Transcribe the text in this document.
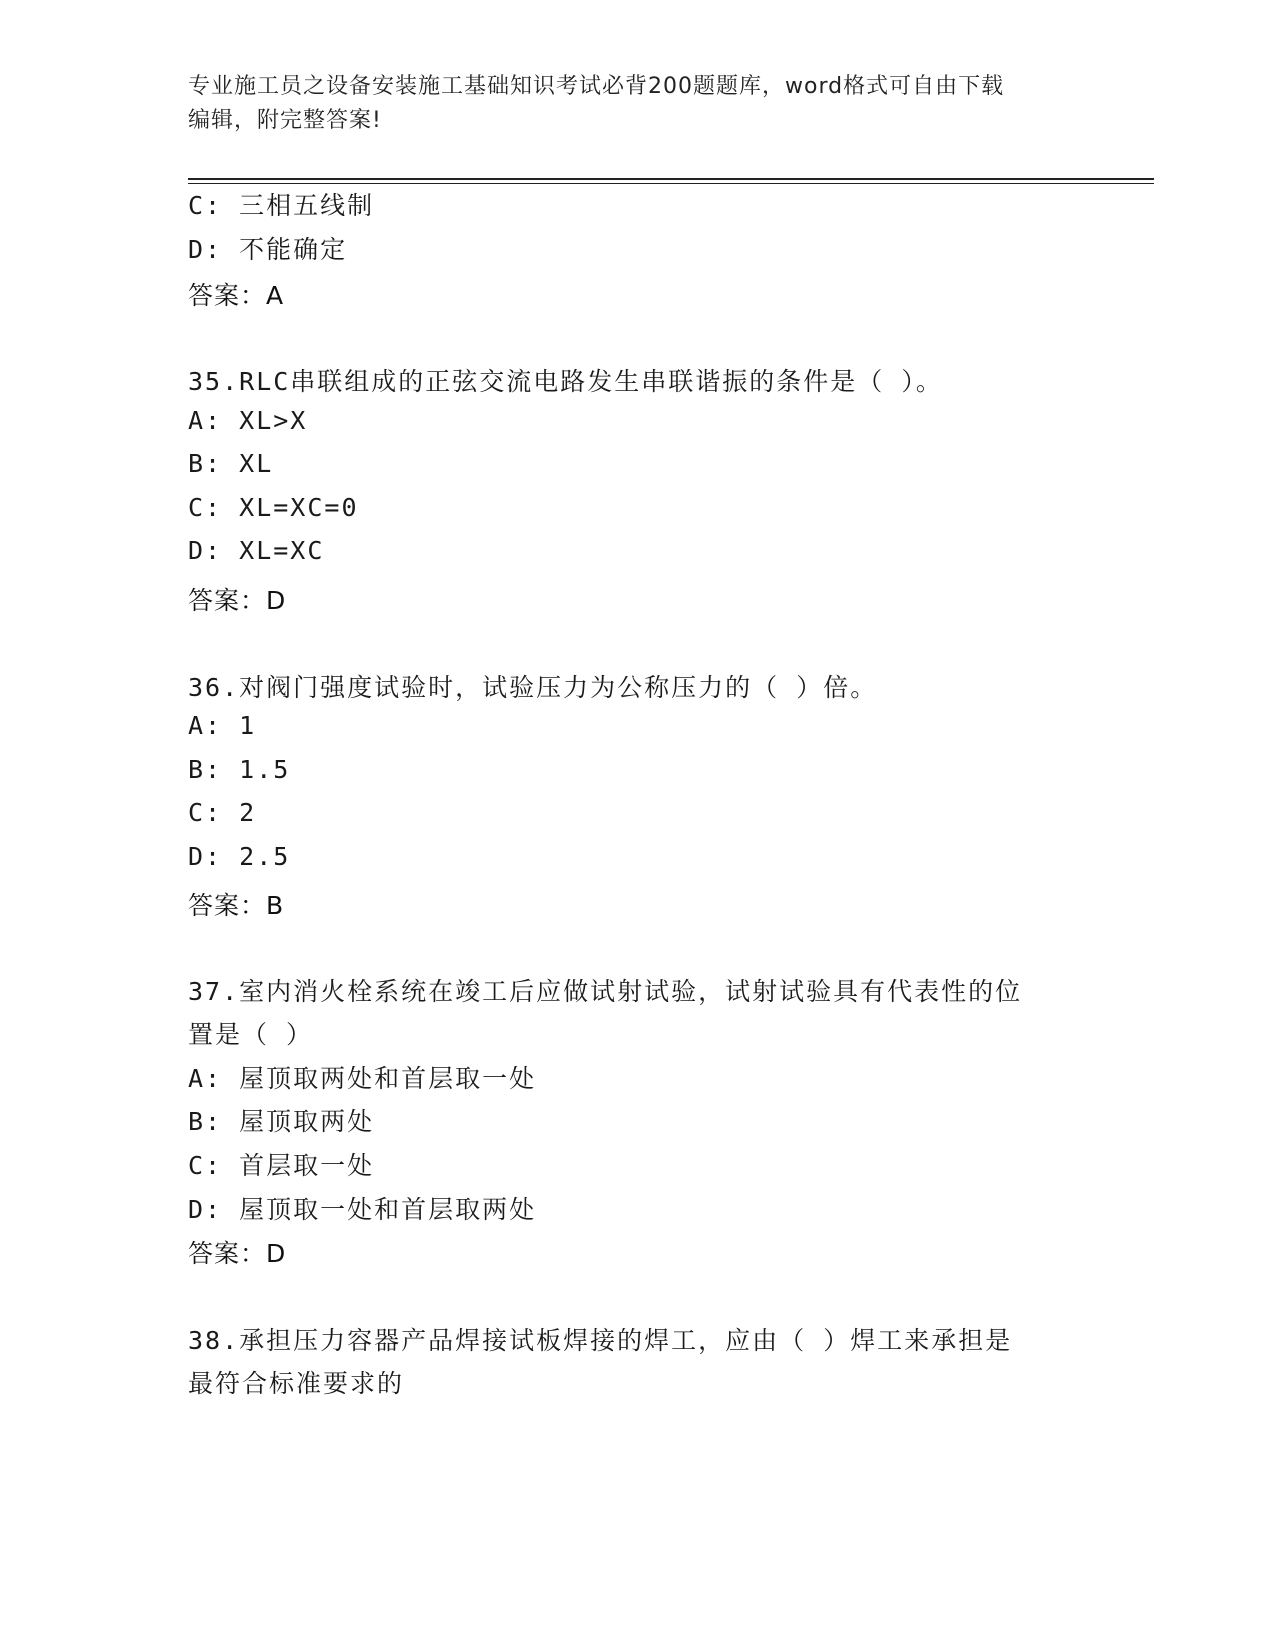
专业施工员之设备安装施工基础知识考试必背200题题库，word格式可自由下载
编辑，附完整答案!
C: 三相五线制
D: 不能确定
答案：A
35.RLC串联组成的正弦交流电路发生串联谐振的条件是（ ）。
A: XL>X
B: XL
C: XL=XC=0
D: XL=XC
答案：D
36.对阀门强度试验时，试验压力为公称压力的（ ）倍。
A: 1
B: 1.5
C: 2
D: 2.5
答案：B
37.室内消火栓系统在竣工后应做试射试验，试射试验具有代表性的位
置是（ ）
A: 屋顶取两处和首层取一处
B: 屋顶取两处
C: 首层取一处
D: 屋顶取一处和首层取两处
答案：D
38.承担压力容器产品焊接试板焊接的焊工，应由（ ）焊工来承担是
最符合标准要求的
